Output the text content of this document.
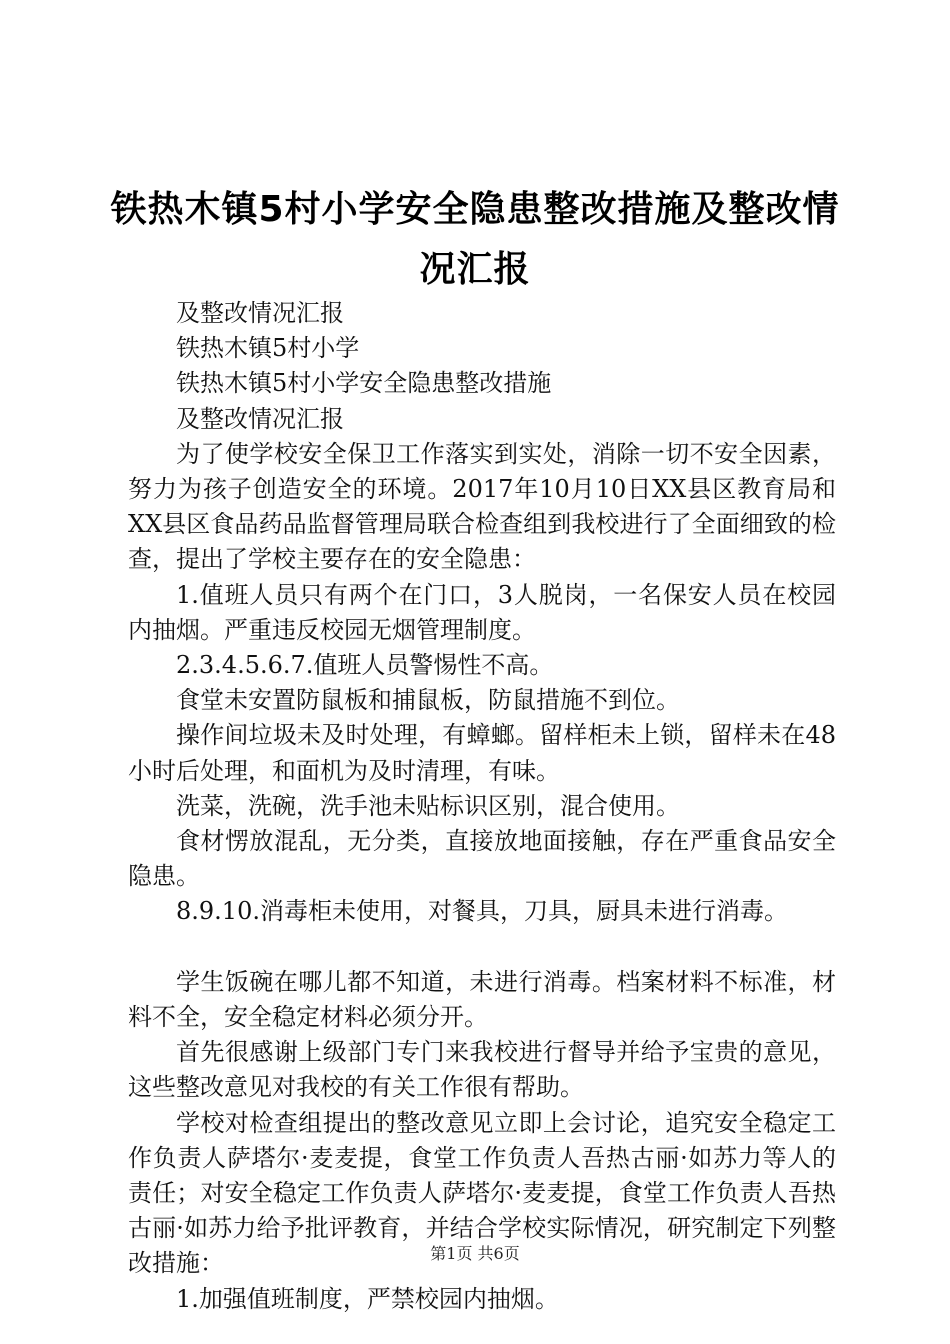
铁热木镇5村小学安全隐患整改措施及整改情
况汇报

及整改情况汇报

铁热木镇5村小学

铁热木镇5村小学安全隐患整改措施

及整改情况汇报

为了使学校安全保卫工作落实到实处，消除一切不安全因素，努力为孩子创造安全的环境。2017年10月10日XX县区教育局和XX县区食品药品监督管理局联合检查组到我校进行了全面细致的检查，提出了学校主要存在的安全隐患：

1.值班人员只有两个在门口，3人脱岗，一名保安人员在校园内抽烟。严重违反校园无烟管理制度。

2.3.4.5.6.7.值班人员警惕性不高。

食堂未安置防鼠板和捕鼠板，防鼠措施不到位。

操作间垃圾未及时处理，有蟑螂。留样柜未上锁，留样未在48小时后处理，和面机为及时清理，有味。

洗菜，洗碗，洗手池未贴标识区别，混合使用。

食材愣放混乱，无分类，直接放地面接触，存在严重食品安全隐患。

8.9.10.消毒柜未使用，对餐具，刀具，厨具未进行消毒。

学生饭碗在哪儿都不知道，未进行消毒。档案材料不标准，材料不全，安全稳定材料必须分开。

首先很感谢上级部门专门来我校进行督导并给予宝贵的意见，这些整改意见对我校的有关工作很有帮助。

学校对检查组提出的整改意见立即上会讨论，追究安全稳定工作负责人萨塔尔·麦麦提，食堂工作负责人吾热古丽·如苏力等人的责任；对安全稳定工作负责人萨塔尔·麦麦提，食堂工作负责人吾热古丽·如苏力给予批评教育，并结合学校实际情况，研究制定下列整改措施：

1.加强值班制度，严禁校园内抽烟。

第1页 共6页
